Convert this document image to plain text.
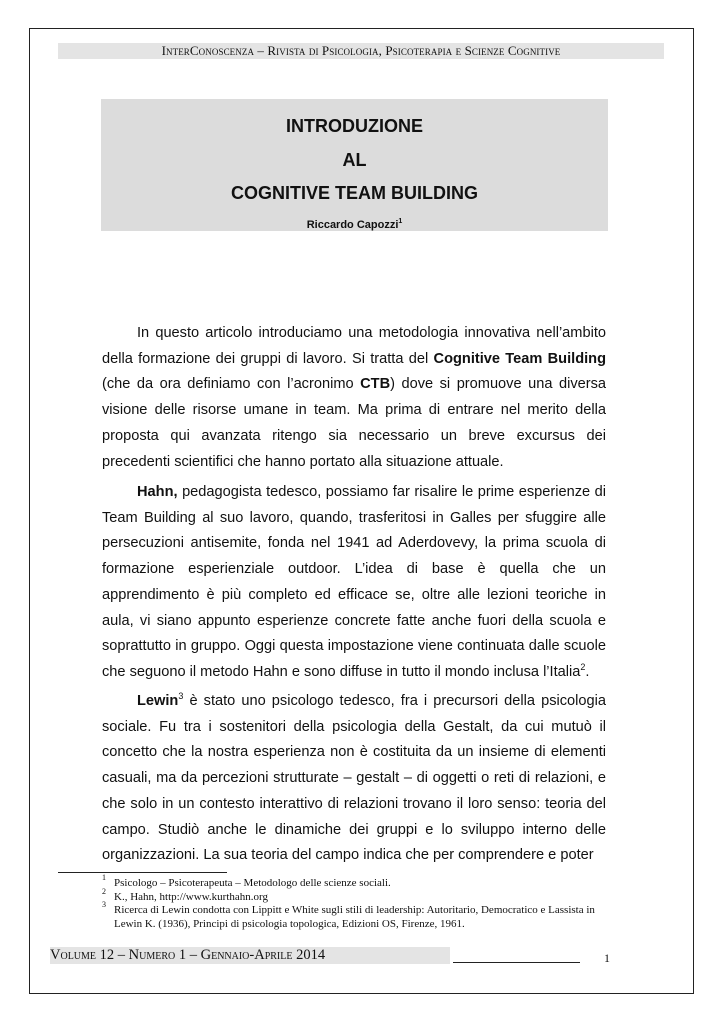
InterConoscenza – Rivista di Psicologia, Psicoterapia e Scienze Cognitive
INTRODUZIONE
AL
COGNITIVE TEAM BUILDING
Riccardo Capozzi$^1$

In questo articolo introduciamo una metodologia innovativa nell’ambito della formazione dei gruppi di lavoro. Si tratta del Cognitive Team Building (che da ora definiamo con l’acronimo CTB) dove si promuove una diversa visione delle risorse umane in team. Ma prima di entrare nel merito della proposta qui avanzata ritengo sia necessario un breve excursus dei precedenti scientifici che hanno portato alla situazione attuale.

Hahn, pedagogista tedesco, possiamo far risalire le prime esperienze di Team Building al suo lavoro, quando, trasferitosi in Galles per sfuggire alle persecuzioni antisemite, fonda nel 1941 ad Aderdovevy, la prima scuola di formazione esperienziale outdoor. L’idea di base è quella che un apprendimento è più completo ed efficace se, oltre alle lezioni teoriche in aula, vi siano appunto esperienze concrete fatte anche fuori della scuola e soprattutto in gruppo. Oggi questa impostazione viene continuata dalle scuole che seguono il metodo Hahn e sono diffuse in tutto il mondo inclusa l’Italia$^2$.

Lewin$^3$ è stato uno psicologo tedesco, fra i precursori della psicologia sociale. Fu tra i sostenitori della psicologia della Gestalt, da cui mutuò il concetto che la nostra esperienza non è costituita da un insieme di elementi casuali, ma da percezioni strutturate – gestalt – di oggetti o reti di relazioni, e che solo in un contesto interattivo di relazioni trovano il loro senso: teoria del campo. Studiò anche le dinamiche dei gruppi e lo sviluppo interno delle organizzazioni. La sua teoria del campo indica che per comprendere e poter

1 Psicologo – Psicoterapeuta – Metodologo delle scienze sociali.
2 K., Hahn, http://www.kurthahn.org
3 Ricerca di Lewin condotta con Lippitt e White sugli stili di leadership: Autoritario, Democratico e Lassista in Lewin K. (1936), Principi di psicologia topologica, Edizioni OS, Firenze, 1961.
Volume 12 – Numero 1 – Gennaio-Aprile 2014	1
